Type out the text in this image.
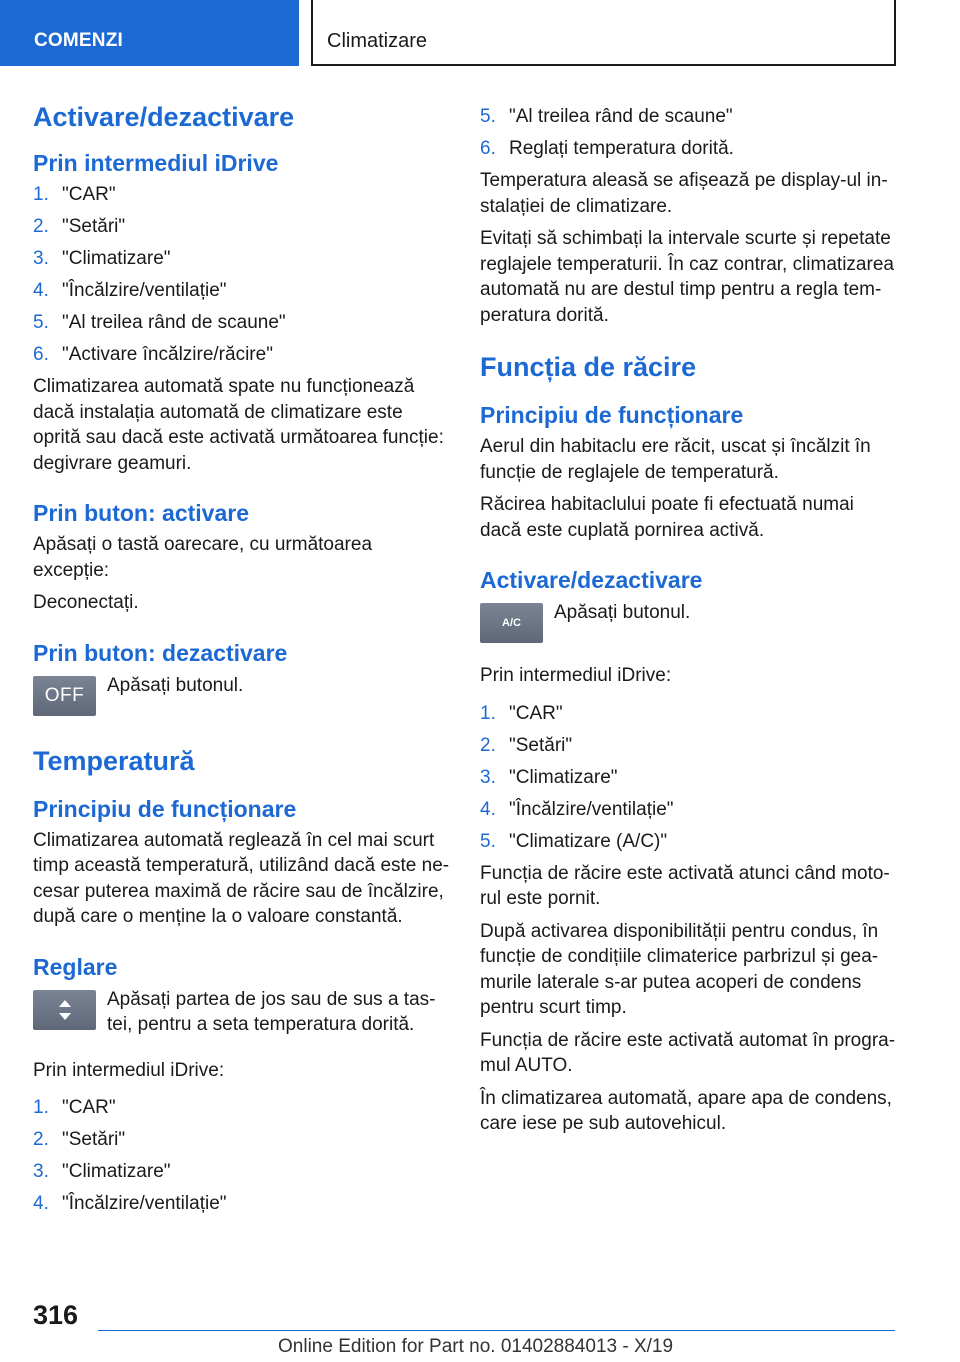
COMENZI	Climatizare
Activare/dezactivare
Prin intermediul iDrive
1. "CAR"
2. "Setări"
3. "Climatizare"
4. "Încălzire/ventilație"
5. "Al treilea rând de scaune"
6. "Activare încălzire/răcire"
Climatizarea automată spate nu funcționează dacă instalația automată de climatizare este oprită sau dacă este activată următoarea funcție: degivrare geamuri.
Prin buton: activare
Apăsați o tastă oarecare, cu următoarea excepție:
Deconectați.
Prin buton: dezactivare
OFF	Apăsați butonul.
Temperatură
Principiu de funcționare
Climatizarea automată reglează în cel mai scurt timp această temperatură, utilizând dacă este ne-cesar puterea maximă de răcire sau de încălzire, după care o menține la o valoare constantă.
Reglare
Apăsați partea de jos sau de sus a tas-tei, pentru a seta temperatura dorită.
Prin intermediul iDrive:
1. "CAR"
2. "Setări"
3. "Climatizare"
4. "Încălzire/ventilație"
5. "Al treilea rând de scaune"
6. Reglați temperatura dorită.
Temperatura aleasă se afișează pe display-ul in-stalației de climatizare.
Evitați să schimbați la intervale scurte și repetate reglajele temperaturii. În caz contrar, climatizarea automată nu are destul timp pentru a regla tem-peratura dorită.
Funcția de răcire
Principiu de funcționare
Aerul din habitaclu ere răcit, uscat și încălzit în funcție de reglajele de temperatură.
Răcirea habitaclului poate fi efectuată numai dacă este cuplată pornirea activă.
Activare/dezactivare
A/C	Apăsați butonul.
Prin intermediul iDrive:
1. "CAR"
2. "Setări"
3. "Climatizare"
4. "Încălzire/ventilație"
5. "Climatizare (A/C)"
Funcția de răcire este activată atunci când moto-rul este pornit.
După activarea disponibilității pentru condus, în funcție de condițiile climaterice parbrizul și gea-murile laterale s-ar putea acoperi de condens pentru scurt timp.
Funcția de răcire este activată automat în progra-mul AUTO.
În climatizarea automată, apare apa de condens, care iese pe sub autovehicul.
316
Online Edition for Part no. 01402884013 - X/19
